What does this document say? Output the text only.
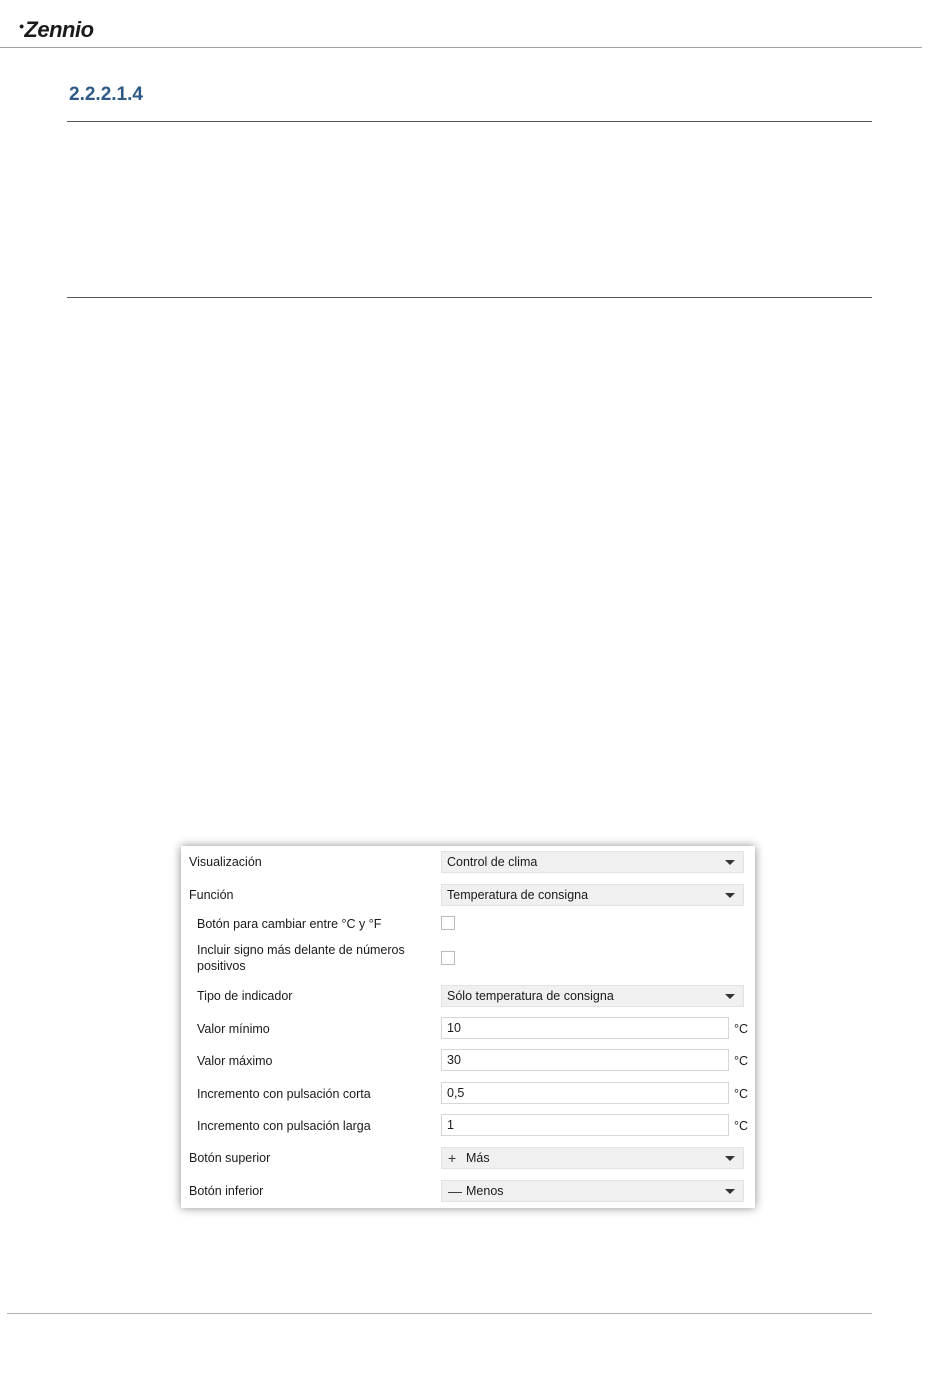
•Zennio
2.2.2.1.4
Visualización	Control de clima
Función	Temperatura de consigna
Botón para cambiar entre °C y °F
Incluir signo más delante de números positivos
Tipo de indicador	Sólo temperatura de consigna
Valor mínimo	10	°C
Valor máximo	30	°C
Incremento con pulsación corta	0,5	°C
Incremento con pulsación larga	1	°C
Botón superior	+ Más
Botón inferior	— Menos
